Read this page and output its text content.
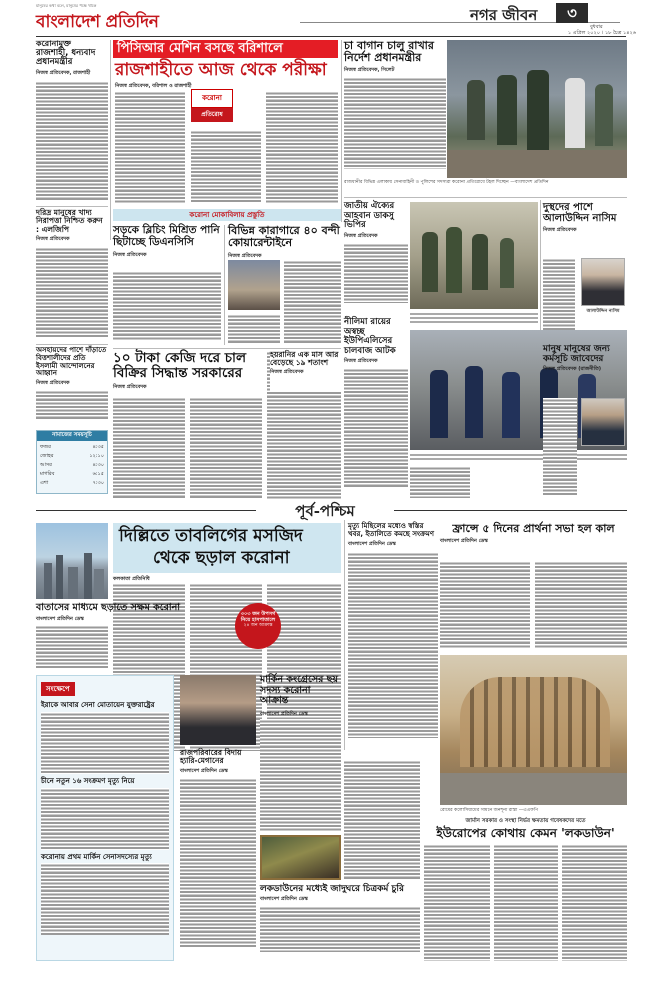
মানুষের কথা বলে, মানুষের পক্ষে থাকে
বাংলাদেশ প্রতিদিন	নগর জীবন	৩
বুধবার
১ এপ্রিল ২০২০ । ১৮ চৈত্র ১৪২৬
করোনামুক্ত
রাজশাহী, ধন্যবাদ প্রধানমন্ত্রীর
নিজস্ব প্রতিবেদক, রাজশাহী
পিসিআর মেশিন বসছে বরিশালে
রাজশাহীতে আজ থেকে পরীক্ষা
নিজস্ব প্রতিবেদক, বরিশাল ও রাজশাহী
করোনা
প্রতিরোধ
চা বাগান চালু রাখার নির্দেশ প্রধানমন্ত্রীর
নিজস্ব প্রতিবেদক, সিলেট
রাজধানীর বিভিন্ন এলাকায় সেনাবাহিনী ও পুলিশের সদস্যরা করোনা প্রতিরোধে টহল দিচ্ছেন —বাংলাদেশ প্রতিদিন
দরিদ্র মানুষের খাদ্য নিরাপত্তা নিশ্চিত করুন : এলজিপি
নিজস্ব প্রতিবেদক
করোনা মোকাবিলায় প্রস্তুতি
সড়কে ব্লিচিং মিশ্রিত পানি ছিটাচ্ছে ডিএনসিসি
নিজস্ব প্রতিবেদক
বিভিন্ন কারাগারে ৪০ বন্দী কোয়ারেন্টাইনে
নিজস্ব প্রতিবেদক
জাতীয় ঐক্যের আহবান ডাকসু ভিপির
নিজস্ব প্রতিবেদক
দুস্থদের পাশে আলাউদ্দিন নাসিম
নিজস্ব প্রতিবেদক
আলাউদ্দিন নাসিম
অসহায়দের পাশে দাঁড়াতে বিত্তশালীদের প্রতি ইসলামী আন্দোলনের আহ্বান
নিজস্ব প্রতিবেদক
নামাজের সময়সূচি
ফজর	৪:৩৫
জোহর	১২:১০
আসর	৪:৩০
মাগরিব	৬:১৫
এশা	৭:৩০
১০ টাকা কেজি দরে চাল বিক্রির সিদ্ধান্ত সরকারের
নিজস্ব প্রতিবেদক
হয়রানির এক মাস আর বেড়েছে ১৯ শতাংশ
নিজস্ব প্রতিবেদক
নীলিমা রায়ের অস্বচ্ছ ইউপিএলিসের চালবাজ আটক
নিজস্ব প্রতিবেদক
মানুষ মানুষের জন্য কর্মসূচি জাবেদের
নিজস্ব প্রতিবেদক (রাজনীতি)
পূর্ব-পশ্চিম
দিল্লিতে তাবলিগের মসজিদ
থেকে ছড়াল করোনা
কলকাতা প্রতিনিধি
৩০৩ জন উপসর্গ নিয়ে হাসপাতালে
২৪ জন আক্রান্ত
মৃত্যু মিছিলের মধ্যেও স্বস্তির খবর, ইতালিতে কমছে সংক্রমণ
বাংলাদেশ প্রতিদিন ডেস্ক
ফ্রান্সে ৫ দিনের প্রার্থনা সভা হল কাল
বাংলাদেশ প্রতিদিন ডেস্ক
বাতাসের মাধ্যমে ছড়াতে সক্ষম করোনা
বাংলাদেশ প্রতিদিন ডেস্ক
সংক্ষেপে
ইরাকে আবার সেনা মোতায়েন যুক্তরাষ্ট্রের
চীনে নতুন ১৬ সংক্রমণ মৃত্যু নিয়ে
করোনায় প্রথম মার্কিন সেনাসদস্যের মৃত্যু
রাজপরিবারের বিদায় হ্যারি-মেগানের
বাংলাদেশ প্রতিদিন ডেস্ক
মার্কিন কংগ্রেসের ছয় সদস্য করোনা আক্রান্ত
বাংলাদেশ প্রতিদিন ডেস্ক
লকডাউনের মধ্যেই জাদুঘরে চিত্রকর্ম চুরি
বাংলাদেশ প্রতিদিন ডেস্ক
রোমের কলোসিয়ামের সামনে জনশূন্য রাস্তা —এএফপি
জার্মান সরকার ও সংস্থা নির্ভর ক্ষমতায় গবেষকদের মতে
ইউরোপের কোথায় কেমন 'লকডাউন'
